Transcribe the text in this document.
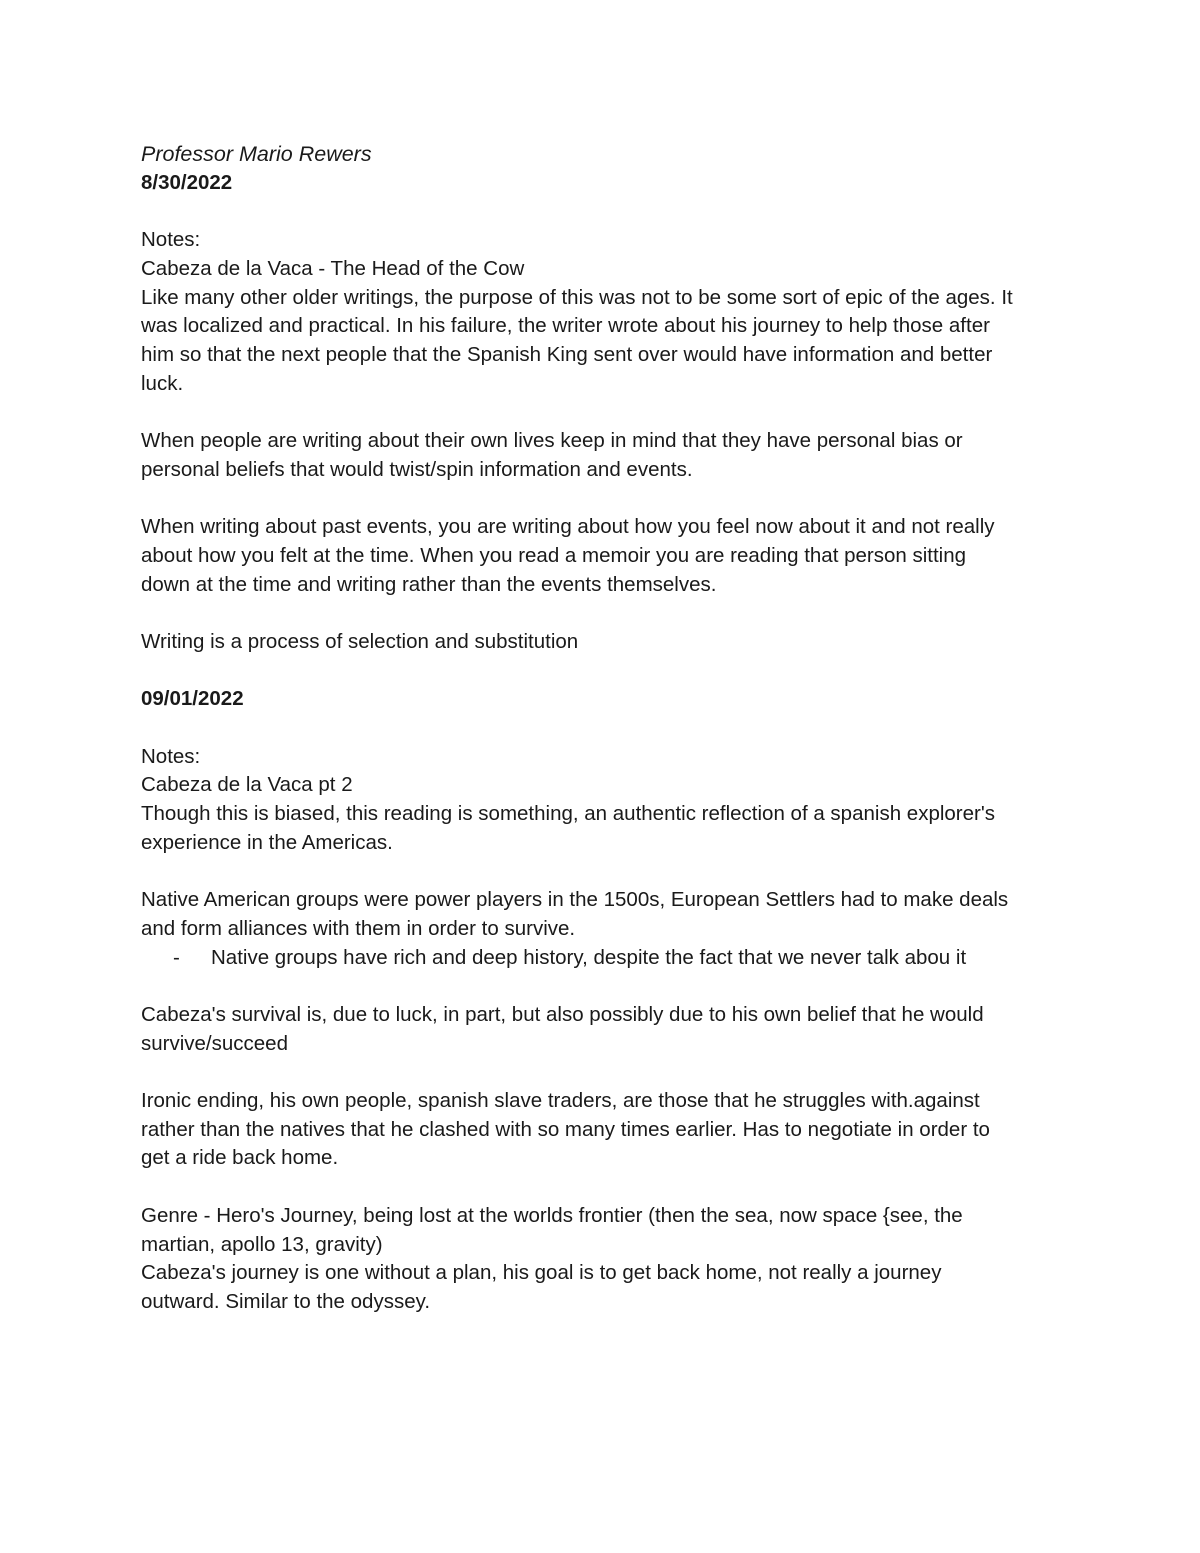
Professor Mario Rewers

8/30/2022

Notes:

Cabeza de la Vaca - The Head of the Cow

Like many other older writings, the purpose of this was not to be some sort of epic of the ages. It

was localized and practical. In his failure, the writer wrote about his journey to help those after

him so that the next people that the Spanish King sent over would have information and better

luck.

When people are writing about their own lives keep in mind that they have personal bias or

personal beliefs that would twist/spin information and events.

When writing about past events, you are writing about how you feel now about it and not really

about how you felt at the time. When you read a memoir you are reading that person sitting

down at the time and writing rather than the events themselves.

Writing is a process of selection and substitution

09/01/2022

Notes:

Cabeza de la Vaca pt 2

Though this is biased, this reading is something, an authentic reflection of a spanish explorer's

experience in the Americas.

Native American groups were power players in the 1500s, European Settlers had to make deals

and form alliances with them in order to survive.

- Native groups have rich and deep history, despite the fact that we never talk abou it

Cabeza's survival is, due to luck, in part, but also possibly due to his own belief that he would

survive/succeed

Ironic ending, his own people, spanish slave traders, are those that he struggles with.against

rather than the natives that he clashed with so many times earlier. Has to negotiate in order to

get a ride back home.

Genre - Hero's Journey, being lost at the worlds frontier (then the sea, now space {see, the

martian, apollo 13, gravity)

Cabeza's journey is one without a plan, his goal is to get back home, not really a journey

outward. Similar to the odyssey.
